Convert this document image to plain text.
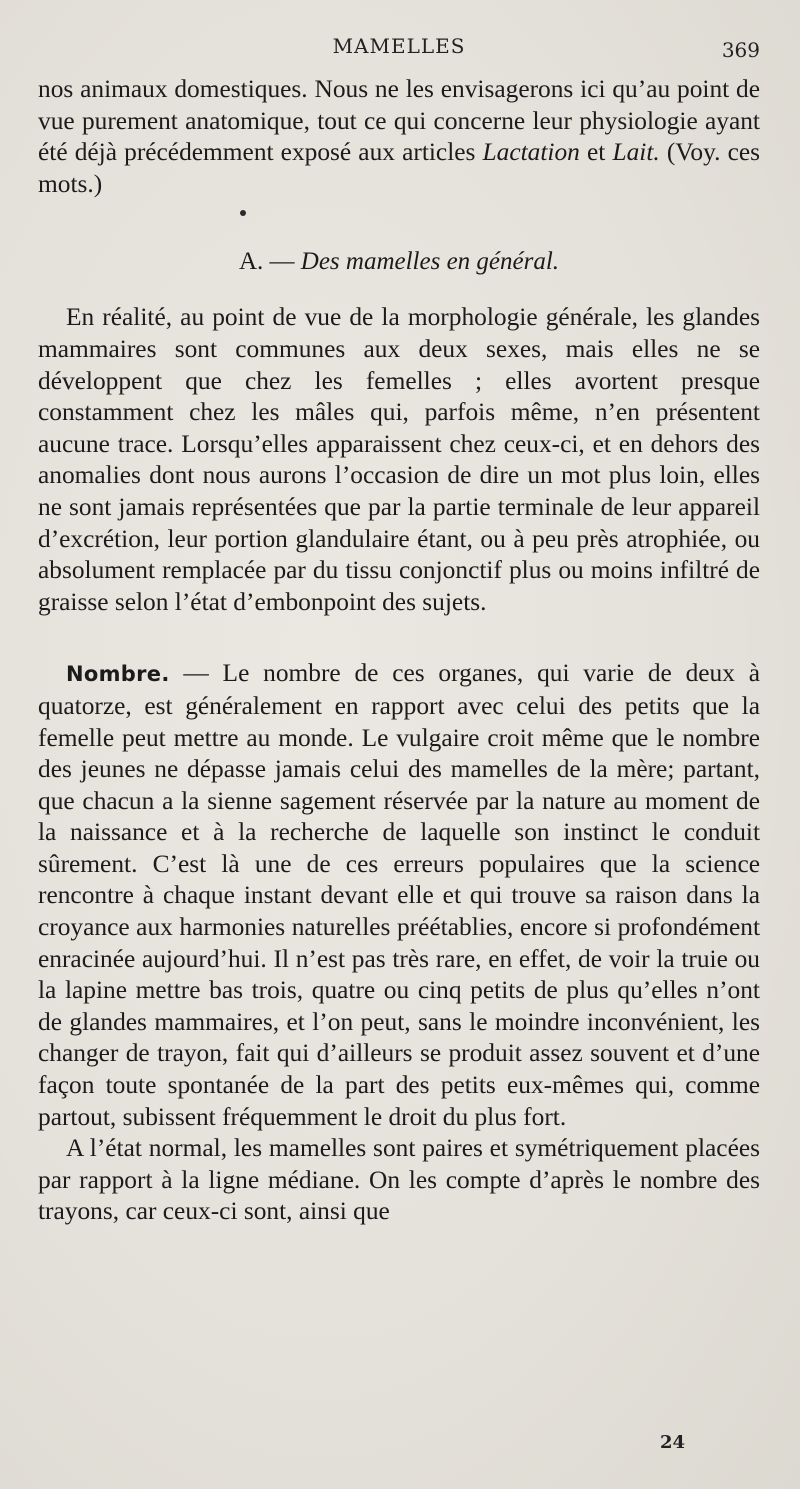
MAMELLES	369

nos animaux domestiques. Nous ne les envisagerons ici qu’au point de vue purement anatomique, tout ce qui concerne leur physiologie ayant été déjà précédemment exposé aux articles Lactation et Lait. (Voy. ces mots.)

A. — Des mamelles en général.

En réalité, au point de vue de la morphologie générale, les glandes mammaires sont communes aux deux sexes, mais elles ne se développent que chez les femelles ; elles avortent presque constamment chez les mâles qui, parfois même, n’en présentent aucune trace. Lorsqu’elles apparaissent chez ceux-ci, et en dehors des anomalies dont nous aurons l’occasion de dire un mot plus loin, elles ne sont jamais représentées que par la partie terminale de leur appareil d’excrétion, leur portion glandulaire étant, ou à peu près atrophiée, ou absolument remplacée par du tissu conjonctif plus ou moins infiltré de graisse selon l’état d’embonpoint des sujets.

Nombre. — Le nombre de ces organes, qui varie de deux à quatorze, est généralement en rapport avec celui des petits que la femelle peut mettre au monde. Le vulgaire croit même que le nombre des jeunes ne dépasse jamais celui des mamelles de la mère; partant, que chacun a la sienne sagement réservée par la nature au moment de la naissance et à la recherche de laquelle son instinct le conduit sûrement. C’est là une de ces erreurs populaires que la science rencontre à chaque instant devant elle et qui trouve sa raison dans la croyance aux harmonies naturelles préétablies, encore si profondément enracinée aujourd’hui. Il n’est pas très rare, en effet, de voir la truie ou la lapine mettre bas trois, quatre ou cinq petits de plus qu’elles n’ont de glandes mammaires, et l’on peut, sans le moindre inconvénient, les changer de trayon, fait qui d’ailleurs se produit assez souvent et d’une façon toute spontanée de la part des petits eux-mêmes qui, comme partout, subissent fréquemment le droit du plus fort.

A l’état normal, les mamelles sont paires et symétriquement placées par rapport à la ligne médiane. On les compte d’après le nombre des trayons, car ceux-ci sont, ainsi que

24
